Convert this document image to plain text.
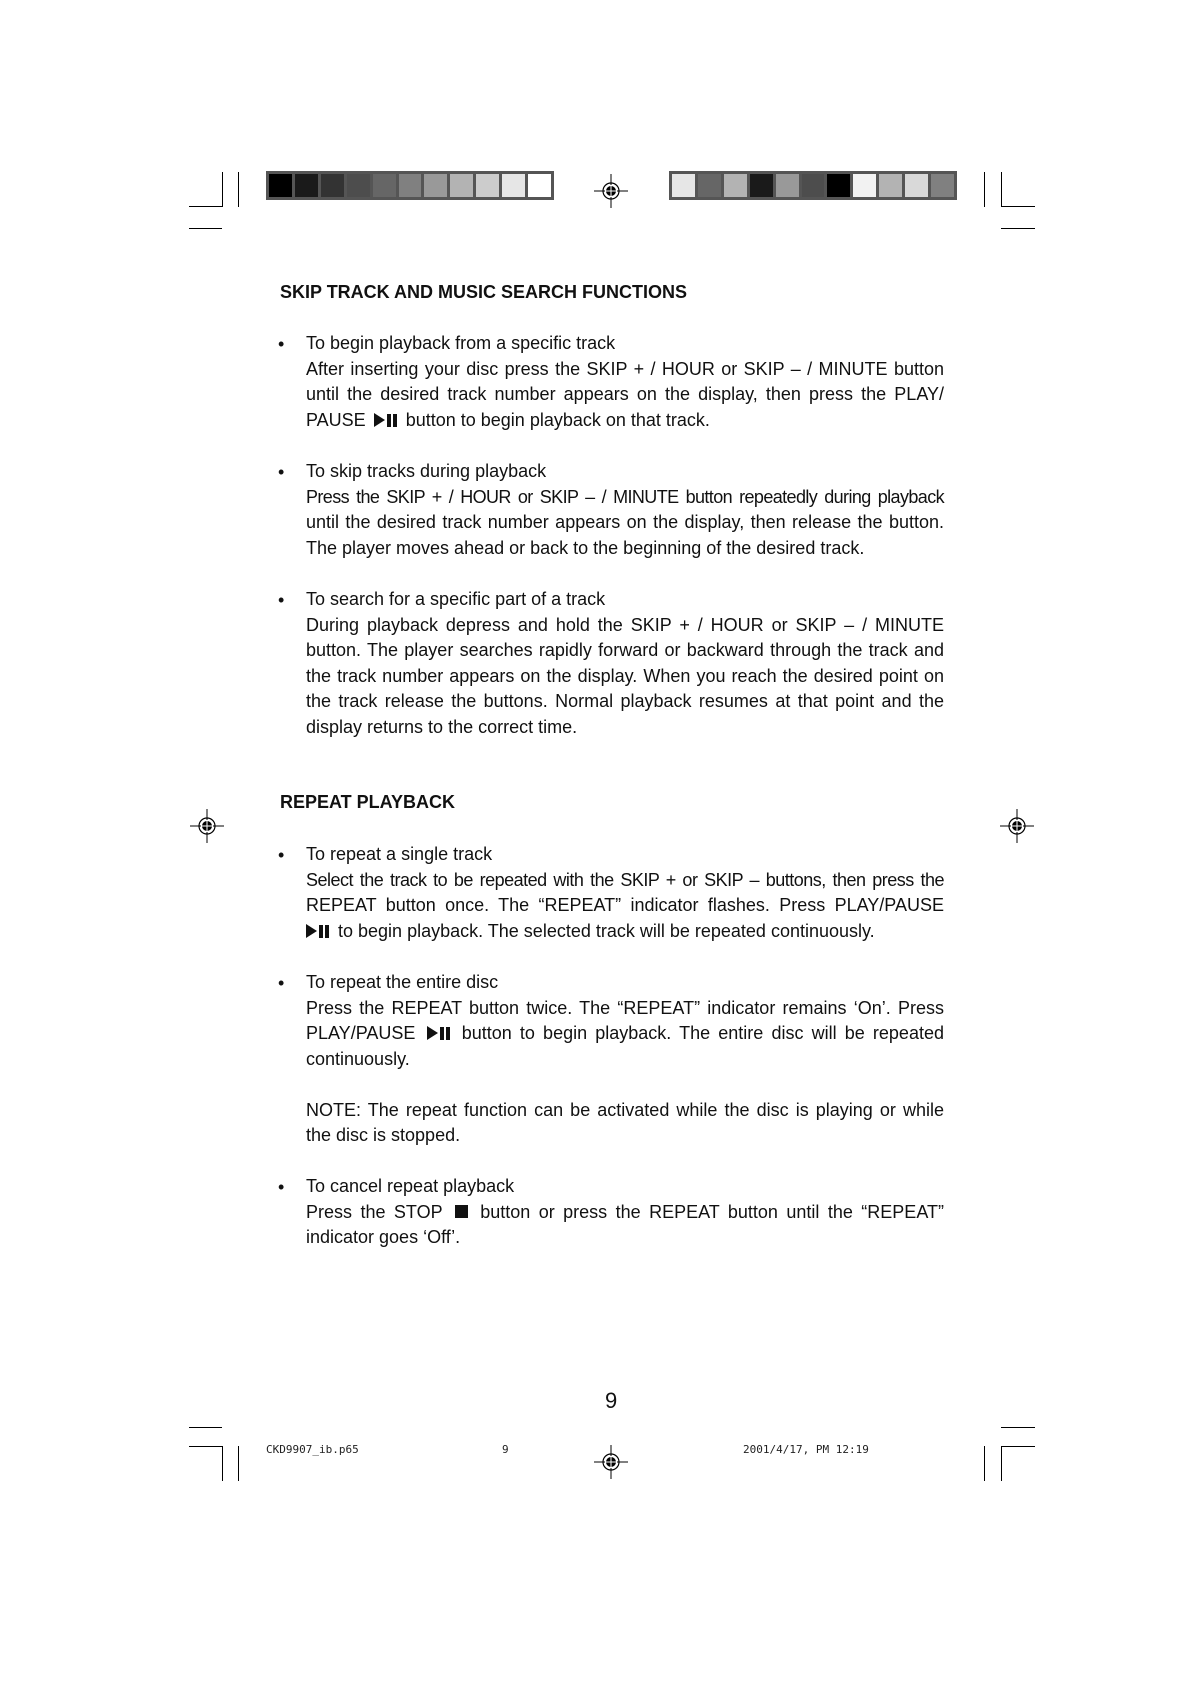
SKIP TRACK AND MUSIC SEARCH FUNCTIONS
• To begin playback from a specific track
After inserting your disc press the SKIP + / HOUR or SKIP – / MINUTE button
until the desired track number appears on the display, then press the PLAY/
PAUSE button to begin playback on that track.
• To skip tracks during playback
Press the SKIP + / HOUR or SKIP – / MINUTE button repeatedly during playback
until the desired track number appears on the display, then release the button.
The player moves ahead or back to the beginning of the desired track.
• To search for a specific part of a track
During playback depress and hold the SKIP + / HOUR or SKIP – / MINUTE
button. The player searches rapidly forward or backward through the track and
the track number appears on the display. When you reach the desired point on
the track release the buttons. Normal playback resumes at that point and the
display returns to the correct time.
REPEAT PLAYBACK
• To repeat a single track
Select the track to be repeated with the SKIP + or SKIP – buttons, then press the
REPEAT button once. The “REPEAT” indicator flashes. Press PLAY/PAUSE
to begin playback. The selected track will be repeated continuously.
• To repeat the entire disc
Press the REPEAT button twice. The “REPEAT” indicator remains ‘On’. Press
PLAY/PAUSE	button to begin playback. The entire disc will be repeated
continuously.
NOTE: The repeat function can be activated while the disc is playing or while
the disc is stopped.
• To cancel repeat playback
Press the STOP button or press the REPEAT button until the “REPEAT”
indicator goes ‘Off’.
9
CKD9907_ib.p65	9	2001/4/17, PM 12:19
